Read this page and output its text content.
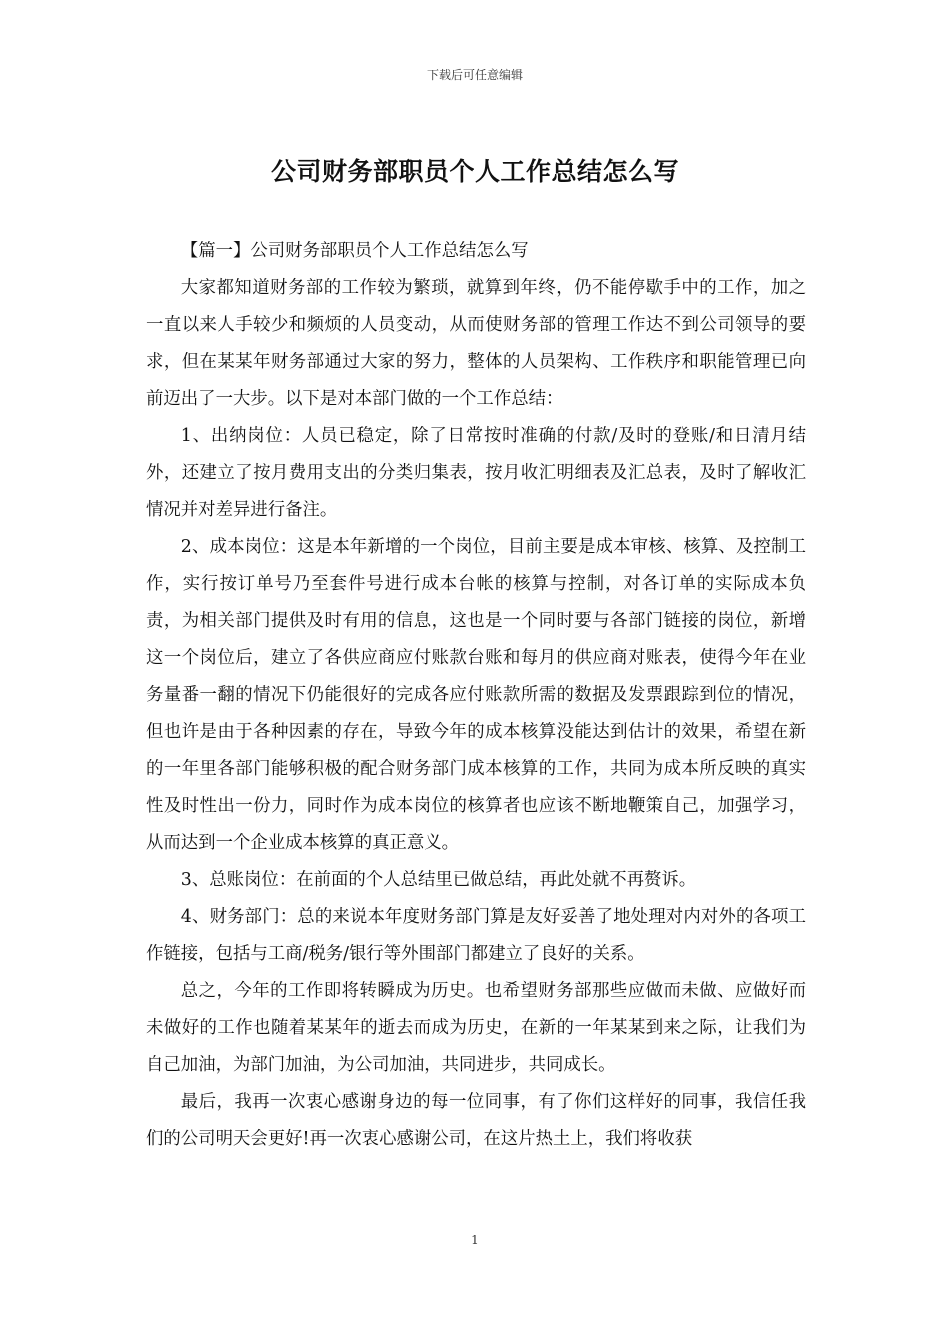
下载后可任意编辑
公司财务部职员个人工作总结怎么写

【篇一】公司财务部职员个人工作总结怎么写

大家都知道财务部的工作较为繁琐，就算到年终，仍不能停歇手中的工作，加之一直以来人手较少和频烦的人员变动，从而使财务部的管理工作达不到公司领导的要求，但在某某年财务部通过大家的努力，整体的人员架构、工作秩序和职能管理已向前迈出了一大步。以下是对本部门做的一个工作总结：

1、出纳岗位：人员已稳定，除了日常按时准确的付款/及时的登账/和日清月结外，还建立了按月费用支出的分类归集表，按月收汇明细表及汇总表，及时了解收汇情况并对差异进行备注。

2、成本岗位：这是本年新增的一个岗位，目前主要是成本审核、核算、及控制工作，实行按订单号乃至套件号进行成本台帐的核算与控制，对各订单的实际成本负责，为相关部门提供及时有用的信息，这也是一个同时要与各部门链接的岗位，新增这一个岗位后，建立了各供应商应付账款台账和每月的供应商对账表，使得今年在业务量番一翻的情况下仍能很好的完成各应付账款所需的数据及发票跟踪到位的情况，但也许是由于各种因素的存在，导致今年的成本核算没能达到估计的效果，希望在新的一年里各部门能够积极的配合财务部门成本核算的工作，共同为成本所反映的真实性及时性出一份力，同时作为成本岗位的核算者也应该不断地鞭策自己，加强学习，从而达到一个企业成本核算的真正意义。

3、总账岗位：在前面的个人总结里已做总结，再此处就不再赘诉。

4、财务部门：总的来说本年度财务部门算是友好妥善了地处理对内对外的各项工作链接，包括与工商/税务/银行等外围部门都建立了良好的关系。

总之，今年的工作即将转瞬成为历史。也希望财务部那些应做而未做、应做好而未做好的工作也随着某某年的逝去而成为历史，在新的一年某某到来之际，让我们为自己加油，为部门加油，为公司加油，共同进步，共同成长。

最后，我再一次衷心感谢身边的每一位同事，有了你们这样好的同事，我信任我们的公司明天会更好!再一次衷心感谢公司，在这片热土上，我们将收获

1
